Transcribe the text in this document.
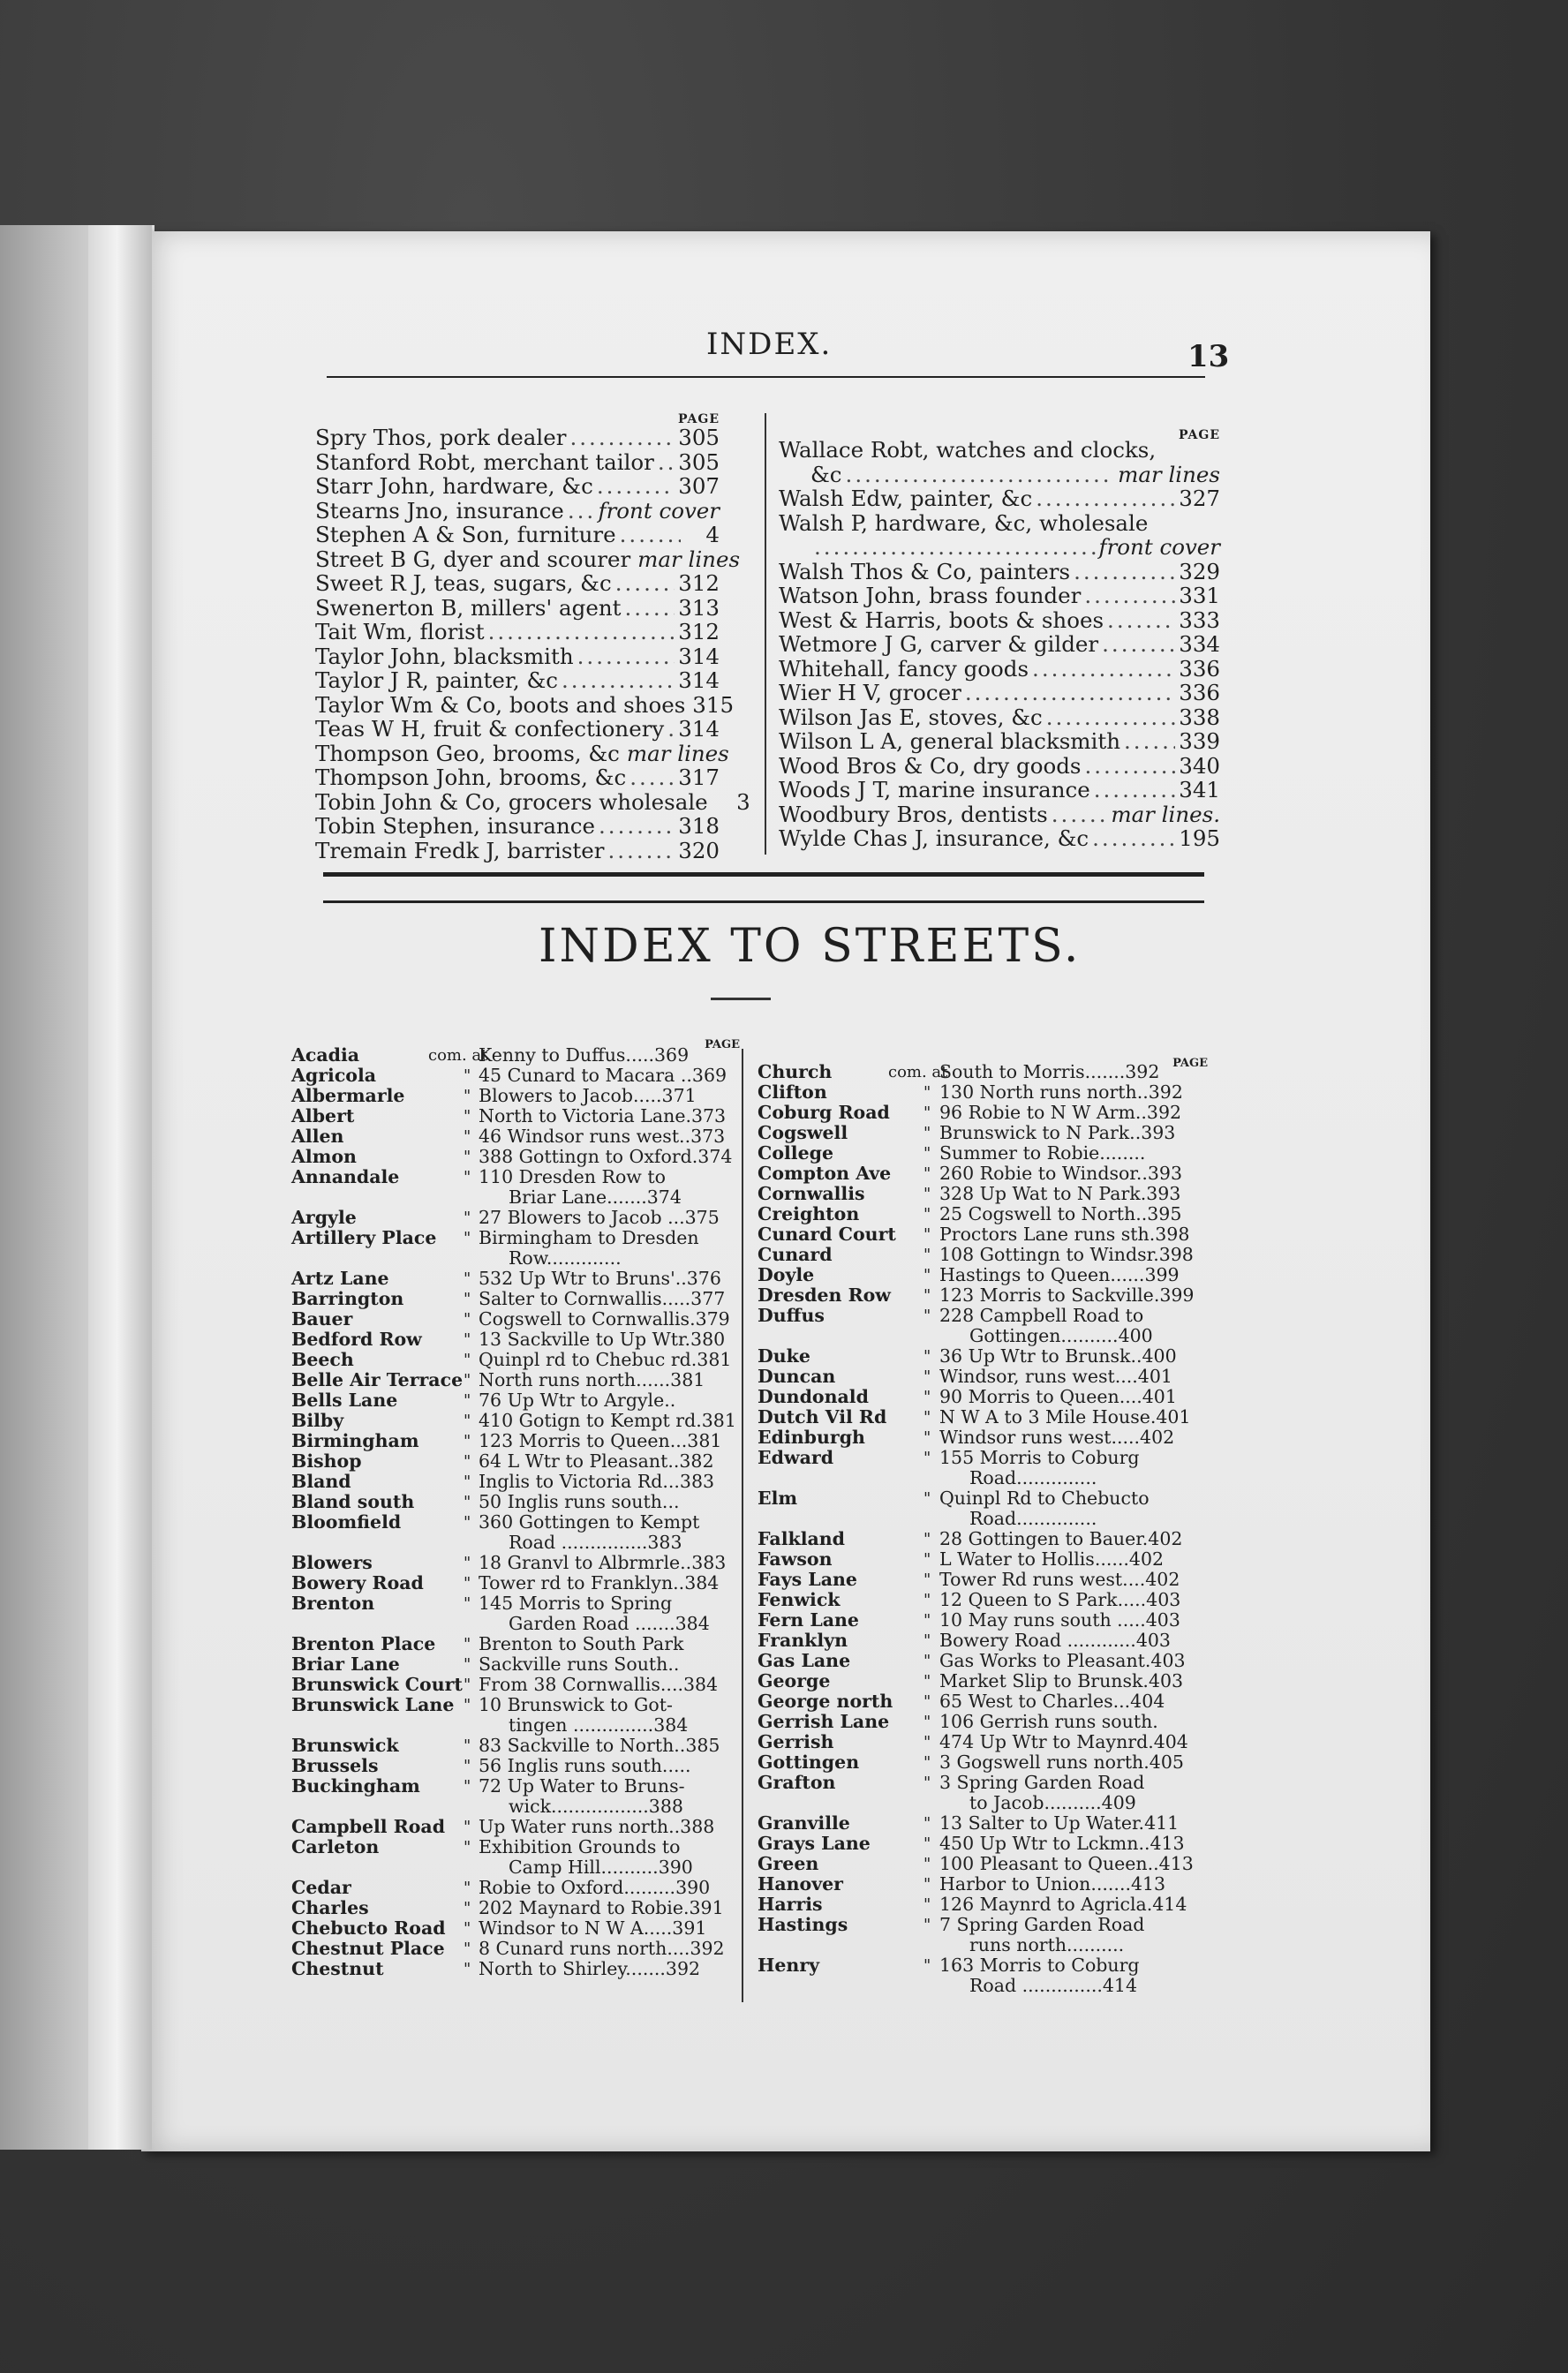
INDEX.	13
PAGE
Spry Thos, pork dealer .....	305
Stanford Robt, merchant tailor ..... 305
Starr John, hardware, &c .....	307
Stearns Jno, insurance ..... front cover
Stephen A & Son, furniture .....	4
Street B G, dyer and scourer mar lines
Sweet R J, teas, sugars, &c .....	312
Swenerton B, millers' agent .....	313
Tait Wm, florist .....	312
Taylor John, blacksmith .....	314
Taylor J R, painter, &c .....	314
Taylor Wm & Co, boots and shoes 315
Teas W H, fruit & confectionery ..... 314
Thompson Geo, brooms, &c mar lines
Thompson John, brooms, &c ..... 317
Tobin John & Co, grocers wholesale	3
Tobin Stephen, insurance .....	318
Tremain Fredk J, barrister .....	320
PAGE
Wallace Robt, watches and clocks,
&c .....	mar lines
Walsh Edw, painter, &c .....	327
Walsh P, hardware, &c, wholesale
.....
front cover
Walsh Thos & Co, painters .....	329
Watson John, brass founder .....	331
West & Harris, boots & shoes .....	333
Wetmore J G, carver & gilder .....	334
Whitehall, fancy goods .....	336
Wier H V, grocer .....	336
Wilson Jas E, stoves, &c .....	338
Wilson L A, general blacksmith .....	339
Wood Bros & Co, dry goods .....	340
Woods J T, marine insurance .....	341
Woodbury Bros, dentists .....	mar lines.
Wylde Chas J, insurance, &c .....	195
INDEX TO STREETS.
PAGE
Acadia	com. at
Kenny to Duffus.....369
Agricola	" 45 Cunard to Macara ..369
Albermarle	" Blowers to Jacob.....371
Albert	" North to Victoria Lane.373
Allen	" 46 Windsor runs west..373
Almon	" 388 Gottingn to Oxford.374
Annandale	" 110 Dresden Row to
Briar Lane.......374
Argyle	" 27 Blowers to Jacob ...375
Artillery Place " Birmingham to Dresden
Row.............
Artz Lane	" 532 Up Wtr to Bruns'..376
Barrington	" Salter to Cornwallis.....377
Bauer	" Cogswell to Cornwallis.379
Bedford Row	" 13 Sackville to Up Wtr.380
Beech	" Quinpl rd to Chebuc rd.381
Belle Air Terrace " North runs north......381
Bells Lane	" 76 Up Wtr to Argyle..
Bilby	" 410 Gotign to Kempt rd.381
Birmingham	" 123 Morris to Queen...381
Bishop	" 64 L Wtr to Pleasant..382
Bland	" Inglis to Victoria Rd...383
Bland south	" 50 Inglis runs south...
Bloomfield	" 360 Gottingen to Kempt
Road ...............383
Blowers	" 18 Granvl to Albrmrle..383
Bowery Road	" Tower rd to Franklyn..384
Brenton	" 145 Morris to Spring
Garden Road .......384
Brenton Place " Brenton to South Park
Briar Lane	" Sackville runs South..
Brunswick Court " From 38 Cornwallis....384
Brunswick Lane " 10 Brunswick to Got-
tingen ..............384
Brunswick	" 83 Sackville to North..385
Brussels	" 56 Inglis runs south.....
Buckingham	" 72 Up Water to Bruns-
wick.................388
Campbell Road " Up Water runs north..388
Carleton	" Exhibition Grounds to
Camp Hill..........390
Cedar	" Robie to Oxford.........390
Charles	" 202 Maynard to Robie.391
Chebucto Road " Windsor to N W A.....391
Chestnut Place " 8 Cunard runs north....392
Chestnut	" North to Shirley.......392
PAGE
Church	com. at
South to Morris.......392
Clifton	" 130 North runs north..392
Coburg Road " 96 Robie to N W Arm..392
Cogswell	" Brunswick to N Park..393
College	" Summer to Robie........
Compton Ave " 260 Robie to Windsor..393
Cornwallis	" 328 Up Wat to N Park.393
Creighton	" 25 Cogswell to North..395
Cunard Court " Proctors Lane runs sth.398
Cunard	" 108 Gottingn to Windsr.398
Doyle	" Hastings to Queen......399
Dresden Row " 123 Morris to Sackville.399
Duffus	" 228 Campbell Road to
Gottingen..........400
Duke	" 36 Up Wtr to Brunsk..400
Duncan	" Windsor, runs west....401
Dundonald	" 90 Morris to Queen....401
Dutch Vil Rd " N W A to 3 Mile House.401
Edinburgh	" Windsor runs west.....402
Edward	" 155 Morris to Coburg
Road..............
Elm	" Quinpl Rd to Chebucto
Road..............
Falkland	" 28 Gottingen to Bauer.402
Fawson	" L Water to Hollis......402
Fays Lane	" Tower Rd runs west....402
Fenwick	" 12 Queen to S Park.....403
Fern Lane	" 10 May runs south .....403
Franklyn	" Bowery Road ............403
Gas Lane	" Gas Works to Pleasant.403
George	" Market Slip to Brunsk.403
George north " 65 West to Charles...404
Gerrish Lane " 106 Gerrish runs south.
Gerrish	" 474 Up Wtr to Maynrd.404
Gottingen	" 3 Gogswell runs north.405
Grafton	" 3 Spring Garden Road
to Jacob..........409
Granville	" 13 Salter to Up Water.411
Grays Lane	" 450 Up Wtr to Lckmn..413
Green	" 100 Pleasant to Queen..413
Hanover	" Harbor to Union.......413
Harris	" 126 Maynrd to Agricla.414
Hastings	" 7 Spring Garden Road
runs north..........
Henry	" 163 Morris to Coburg
Road ..............414
